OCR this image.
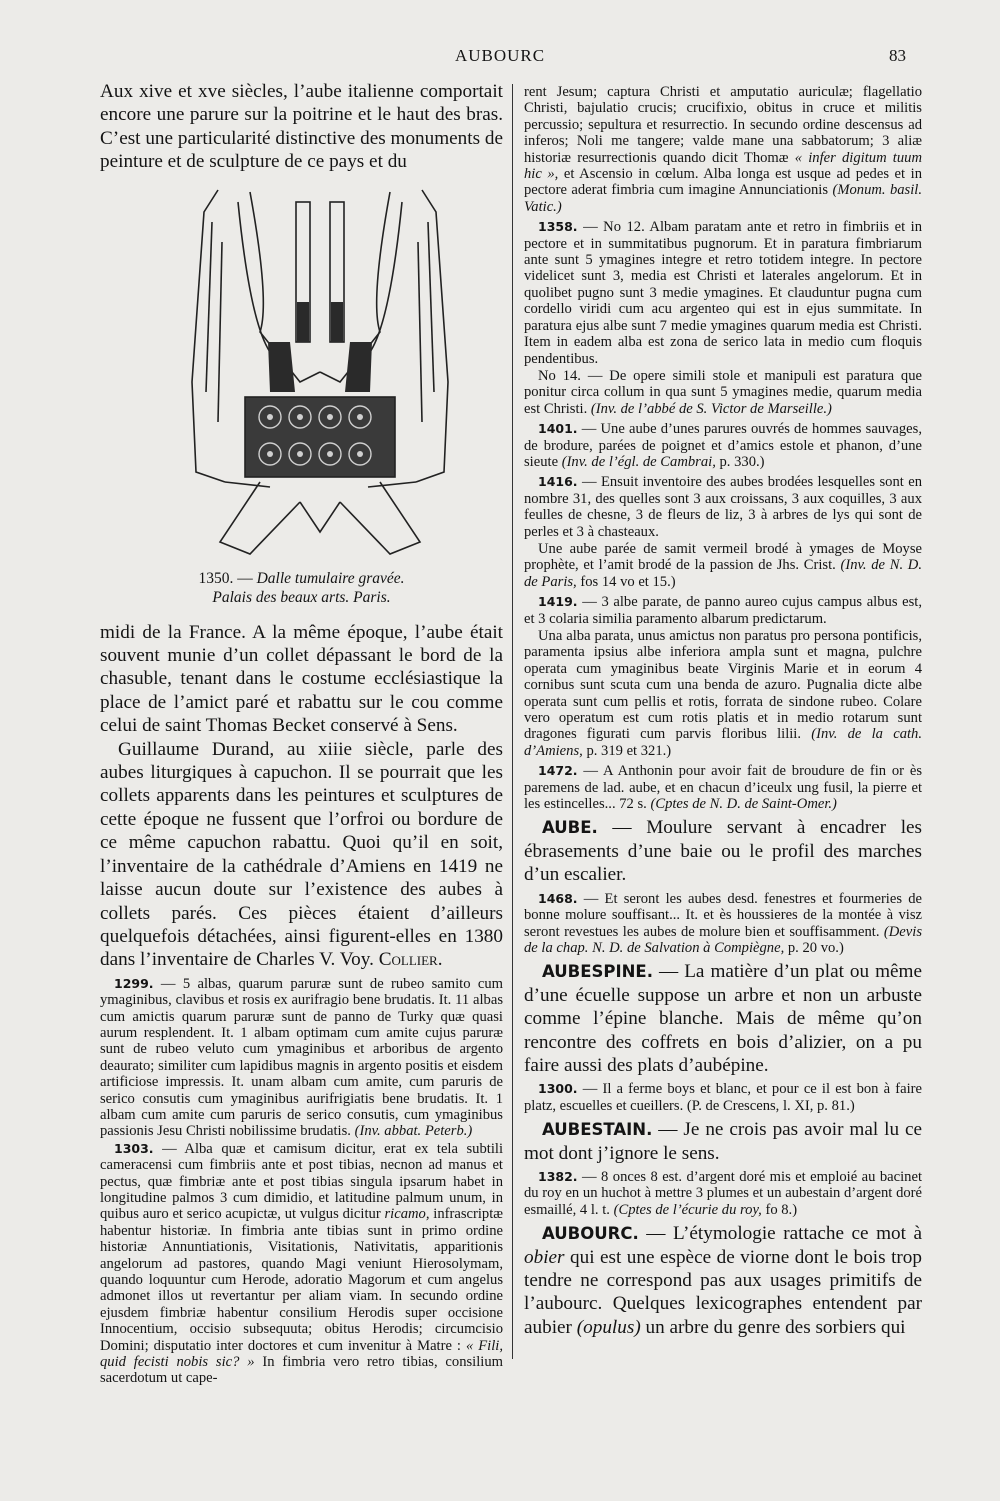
AUBOURC	83

Aux xive et xve siècles, l’aube italienne comportait encore une parure sur la poitrine et le haut des bras. C’est une particularité distinctive des monuments de peinture et de sculpture de ce pays et du

1350. — Dalle tumulaire gravée.
Palais des beaux arts. Paris.

midi de la France. A la même époque, l’aube était souvent munie d’un collet dépassant le bord de la chasuble, tenant dans le costume ecclésiastique la place de l’amict paré et rabattu sur le cou comme celui de saint Thomas Becket conservé à Sens.

Guillaume Durand, au xiiie siècle, parle des aubes liturgiques à capuchon. Il se pourrait que les collets apparents dans les peintures et sculptures de cette époque ne fussent que l’orfroi ou bordure de ce même capuchon rabattu. Quoi qu’il en soit, l’inventaire de la cathédrale d’Amiens en 1419 ne laisse aucun doute sur l’existence des aubes à collets parés. Ces pièces étaient d’ailleurs quelquefois détachées, ainsi figurent-elles en 1380 dans l’inventaire de Charles V. Voy. Collier.

1299. — 5 albas, quarum paruræ sunt de rubeo samito cum ymaginibus, clavibus et rosis ex aurifragio bene brudatis. It. 11 albas cum amictis quarum paruræ sunt de panno de Turky quæ quasi aurum resplendent. It. 1 albam optimam cum amite cujus paruræ sunt de rubeo veluto cum ymaginibus et arboribus de argento deaurato; similiter cum lapidibus magnis in argento positis et eisdem artificiose impressis. It. unam albam cum amite, cum paruris de serico consutis cum ymaginibus aurifrigiatis bene brudatis. It. 1 albam cum amite cum paruris de serico consutis, cum ymaginibus passionis Jesu Christi nobilissime brudatis. (Inv. abbat. Peterb.)

1303. — Alba quæ et camisum dicitur, erat ex tela subtili cameracensi cum fimbriis ante et post tibias, necnon ad manus et pectus, quæ fimbriæ ante et post tibias singula ipsarum habet in longitudine palmos 3 cum dimidio, et latitudine palmum unum, in quibus auro et serico acupictæ, ut vulgus dicitur ricamo, infrascriptæ habentur historiæ. In fimbria ante tibias sunt in primo ordine historiæ Annuntiationis, Visitationis, Nativitatis, apparitionis angelorum ad pastores, quando Magi veniunt Hierosolymam, quando loquuntur cum Herode, adoratio Magorum et cum angelus admonet illos ut revertantur per aliam viam. In secundo ordine ejusdem fimbriæ habentur consilium Herodis super occisione Innocentium, occisio subsequuta; obitus Herodis; circumcisio Domini; disputatio inter doctores et cum invenitur à Matre : « Fili, quid fecisti nobis sic? » In fimbria vero retro tibias, consilium sacerdotum ut cape-

rent Jesum; captura Christi et amputatio auriculæ; flagellatio Christi, bajulatio crucis; crucifixio, obitus in cruce et militis percussio; sepultura et resurrectio. In secundo ordine descensus ad inferos; Noli me tangere; valde mane una sabbatorum; 3 aliæ historiæ resurrectionis quando dicit Thomæ « infer digitum tuum hic », et Ascensio in cœlum. Alba longa est usque ad pedes et in pectore aderat fimbria cum imagine Annunciationis (Monum. basil. Vatic.)

1358. — No 12. Albam paratam ante et retro in fimbriis et in pectore et in summitatibus pugnorum. Et in paratura fimbriarum ante sunt 5 ymagines integre et retro totidem integre. In pectore videlicet sunt 3, media est Christi et laterales angelorum. Et in quolibet pugno sunt 3 medie ymagines. Et clauduntur pugna cum cordello viridi cum acu argenteo qui est in ejus summitate. In paratura ejus albe sunt 7 medie ymagines quarum media est Christi. Item in eadem alba est zona de serico lata in medio cum floquis pendentibus.

No 14. — De opere simili stole et manipuli est paratura que ponitur circa collum in qua sunt 5 ymagines medie, quarum media est Christi. (Inv. de l’abbé de S. Victor de Marseille.)

1401. — Une aube d’unes parures ouvrés de hommes sauvages, de brodure, parées de poignet et d’amics estole et phanon, d’une sieute (Inv. de l’égl. de Cambrai, p. 330.)

1416. — Ensuit inventoire des aubes brodées lesquelles sont en nombre 31, des quelles sont 3 aux croissans, 3 aux coquilles, 3 aux feulles de chesne, 3 de fleurs de liz, 3 à arbres de lys qui sont de perles et 3 à chasteaux.

Une aube parée de samit vermeil brodé à ymages de Moyse prophète, et l’amit brodé de la passion de Jhs. Crist. (Inv. de N. D. de Paris, fos 14 vo et 15.)

1419. — 3 albe parate, de panno aureo cujus campus albus est, et 3 colaria similia paramento albarum predictarum.

Una albа parata, unus amictus non paratus pro persona pontificis, paramenta ipsius albe inferiora ampla sunt et magna, pulchre operata cum ymaginibus beate Virginis Marie et in eorum 4 cornibus sunt scuta cum una benda de azuro. Pugnalia dicte albe operata sunt cum pellis et rotis, forrata de sindone rubeo. Colare vero operatum est cum rotis platis et in medio rotarum sunt dragones figurati cum parvis floribus lilii. (Inv. de la cath. d’Amiens, p. 319 et 321.)

1472. — A Anthonin pour avoir fait de broudure de fin or ès paremens de lad. aube, et en chacun d’iceulx ung fusil, la pierre et les estincelles... 72 s. (Cptes de N. D. de Saint-Omer.)

AUBE. — Moulure servant à encadrer les ébrasements d’une baie ou le profil des marches d’un escalier.

1468. — Et seront les aubes desd. fenestres et fourmeries de bonne molure souffisant... It. et ès houssieres de la montée à visz seront revestues les aubes de molure bien et souffisamment. (Devis de la chap. N. D. de Salvation à Compiègne, p. 20 vo.)

AUBESPINE. — La matière d’un plat ou même d’une écuelle suppose un arbre et non un arbuste comme l’épine blanche. Mais de même qu’on rencontre des coffrets en bois d’alizier, on a pu faire aussi des plats d’aubépine.

1300. — Il a ferme boys et blanc, et pour ce il est bon à faire platz, escuelles et cueillers. (P. de Crescens, l. XI, p. 81.)

AUBESTAIN. — Je ne crois pas avoir mal lu ce mot dont j’ignore le sens.

1382. — 8 onces 8 est. d’argent doré mis et emploié au bacinet du roy en un huchot à mettre 3 plumes et un aubestain d’argent doré esmaillé, 4 l. t. (Cptes de l’écurie du roy, fo 8.)

AUBOURC. — L’étymologie rattache ce mot à obier qui est une espèce de viorne dont le bois trop tendre ne correspond pas aux usages primitifs de l’aubourc. Quelques lexicographes entendent par aubier (opulus) un arbre du genre des sorbiers qui
